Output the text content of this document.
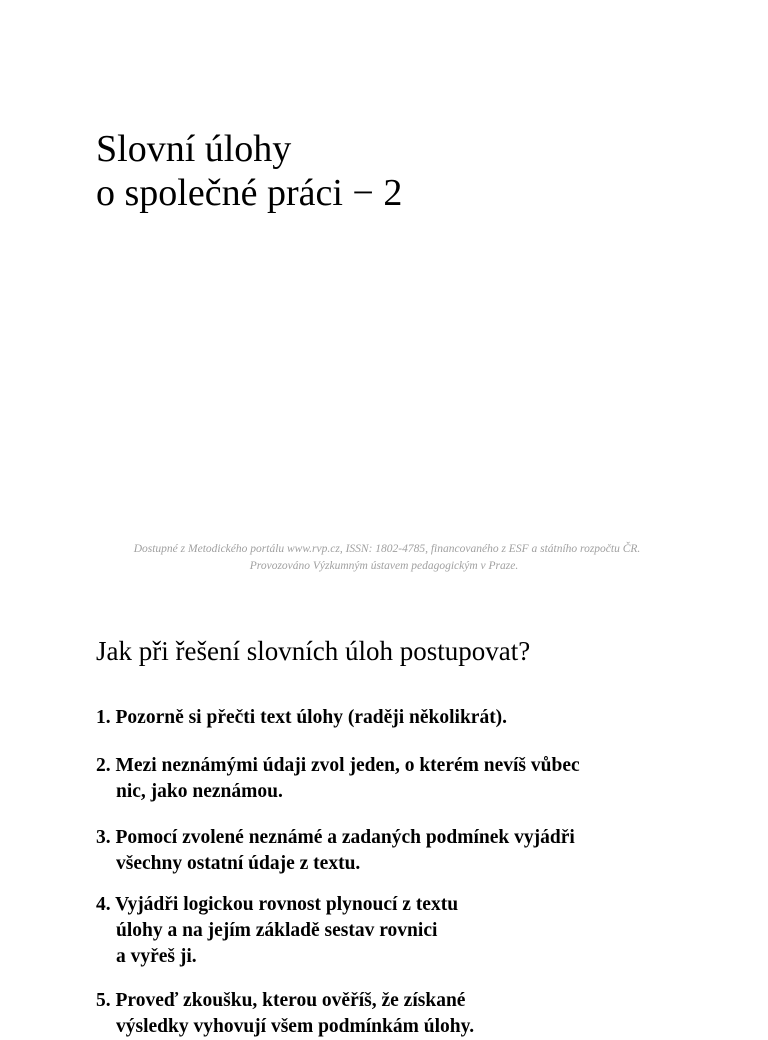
Slovní úlohy
o společné práci − 2
Dostupné z Metodického portálu www.rvp.cz, ISSN: 1802-4785, financovaného z ESF a státního rozpočtu ČR.
Provozováno Výzkumným ústavem pedagogickým v Praze.
Jak při řešení slovních úloh postupovat?
1. Pozorně si přečti text úlohy (raději několikrát).
2. Mezi neznámými údaji zvol jeden, o kterém nevíš vůbec
nic, jako neznámou.
3. Pomocí zvolené neznámé a zadaných podmínek vyjádři
všechny ostatní údaje z textu.
4. Vyjádři logickou rovnost plynoucí z textu
úlohy a na jejím základě sestav rovnici
a vyřeš ji.
5. Proveď zkoušku, kterou ověříš, že získané
výsledky vyhovují všem podmínkám úlohy.
